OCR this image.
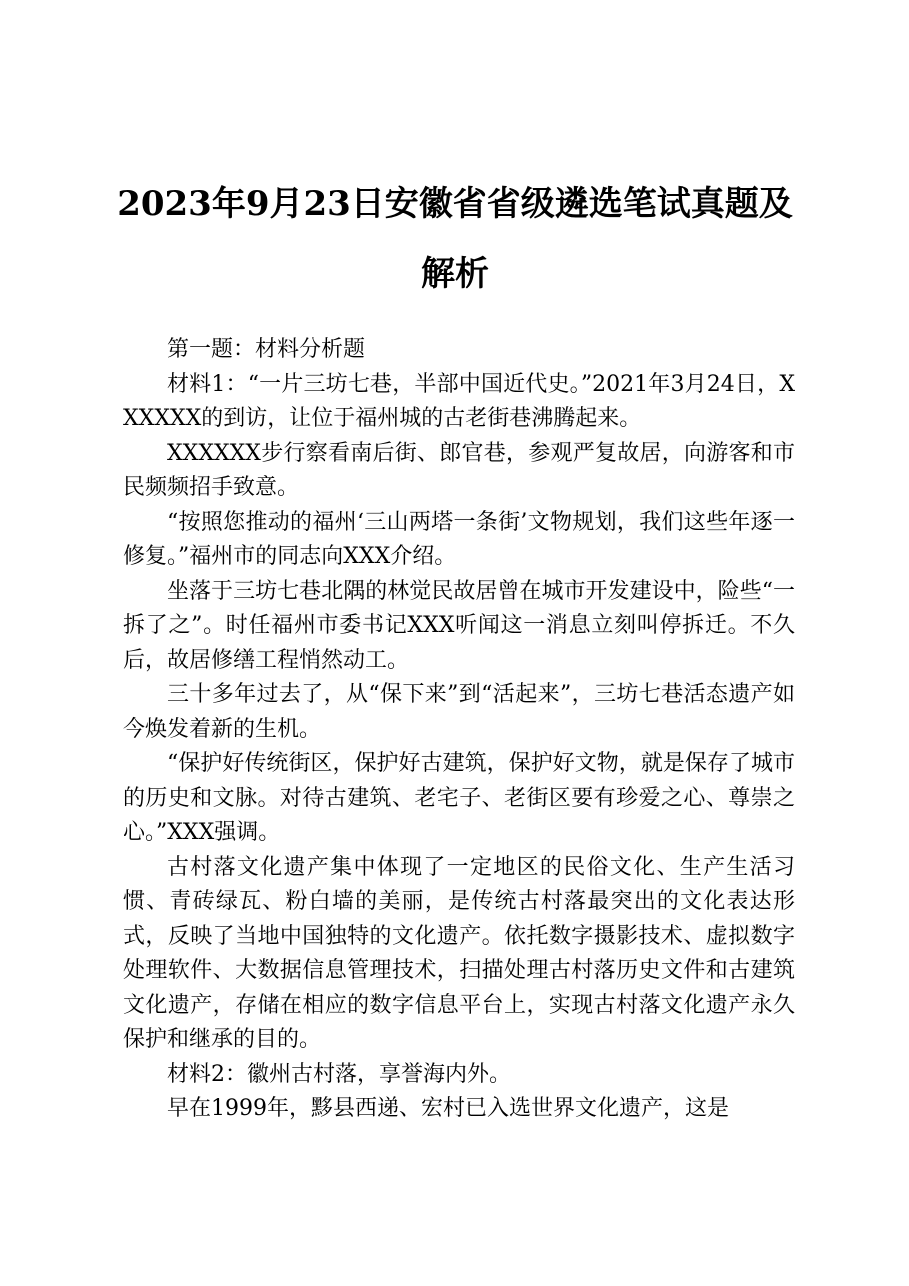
2023年9月23日安徽省省级遴选笔试真题及
解析

第一题：材料分析题

材料1：“一片三坊七巷，半部中国近代史。”2021年3月24日，XXXXXX的到访，让位于福州城的古老街巷沸腾起来。

XXXXXX步行察看南后街、郎官巷，参观严复故居，向游客和市民频频招手致意。

“按照您推动的福州‘三山两塔一条街’文物规划，我们这些年逐一修复。”福州市的同志向XXX介绍。

坐落于三坊七巷北隅的林觉民故居曾在城市开发建设中，险些“一拆了之”。时任福州市委书记XXX听闻这一消息立刻叫停拆迁。不久后，故居修缮工程悄然动工。

三十多年过去了，从“保下来”到“活起来”，三坊七巷活态遗产如今焕发着新的生机。

“保护好传统街区，保护好古建筑，保护好文物，就是保存了城市的历史和文脉。对待古建筑、老宅子、老街区要有珍爱之心、尊崇之心。”XXX强调。

古村落文化遗产集中体现了一定地区的民俗文化、生产生活习惯、青砖绿瓦、粉白墙的美丽，是传统古村落最突出的文化表达形式，反映了当地中国独特的文化遗产。依托数字摄影技术、虚拟数字处理软件、大数据信息管理技术，扫描处理古村落历史文件和古建筑文化遗产，存储在相应的数字信息平台上，实现古村落文化遗产永久保护和继承的目的。

材料2：徽州古村落，享誉海内外。

早在1999年，黟县西递、宏村已入选世界文化遗产，这是
